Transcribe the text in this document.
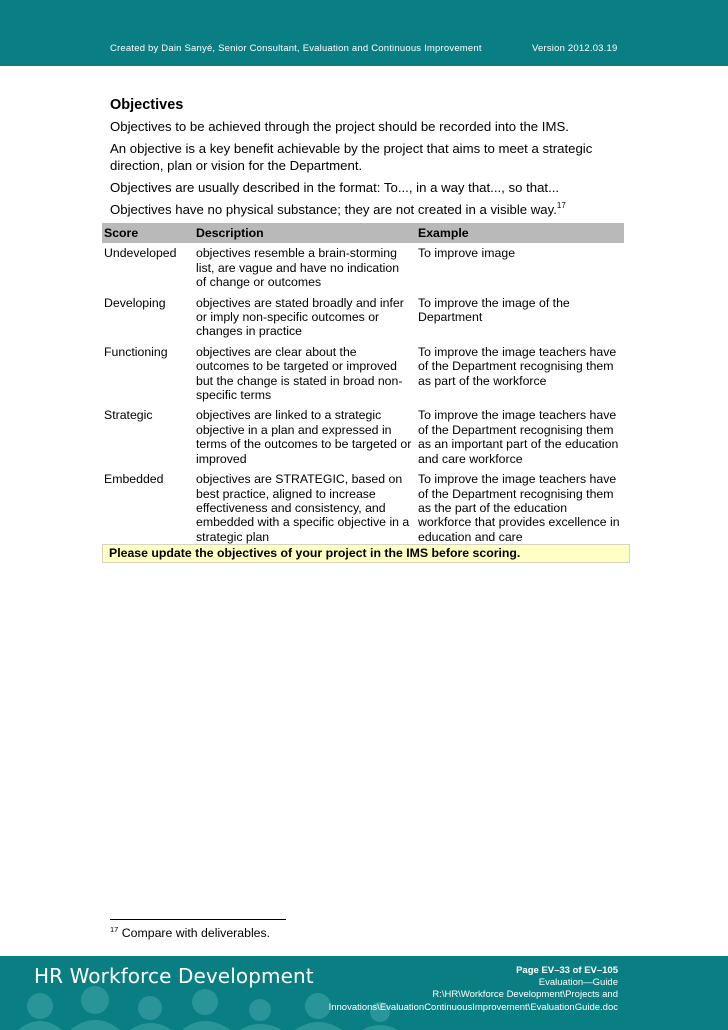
Created by Dain Sanyé, Senior Consultant, Evaluation and Continuous Improvement	Version 2012.03.19
Objectives

Objectives to be achieved through the project should be recorded into the IMS.

An objective is a key benefit achievable by the project that aims to meet a strategic direction, plan or vision for the Department.

Objectives are usually described in the format: To..., in a way that..., so that...

Objectives have no physical substance; they are not created in a visible way.$^{17}$

Score	Description	Example
Undeveloped	objectives resemble a brain-storming list, are vague and have no indication of change or outcomes	To improve image
Developing	objectives are stated broadly and infer or imply non-specific outcomes or changes in practice	To improve the image of the Department
Functioning	objectives are clear about the outcomes to be targeted or improved but the change is stated in broad non-specific terms	To improve the image teachers have of the Department recognising them as part of the workforce
Strategic	objectives are linked to a strategic objective in a plan and expressed in terms of the outcomes to be targeted or improved	To improve the image teachers have of the Department recognising them as an important part of the education and care workforce
Embedded	objectives are STRATEGIC, based on best practice, aligned to increase effectiveness and consistency, and embedded with a specific objective in a strategic plan	To improve the image teachers have of the Department recognising them as the part of the education workforce that provides excellence in education and care
Please update the objectives of your project in the IMS before scoring.
$^{17}$ Compare with deliverables.
HR Workforce Development	Page EV–33 of EV–105
Evaluation—Guide
R:\HR\Workforce Development\Projects and
Innovations\EvaluationContinuousImprovement\EvaluationGuide.doc
